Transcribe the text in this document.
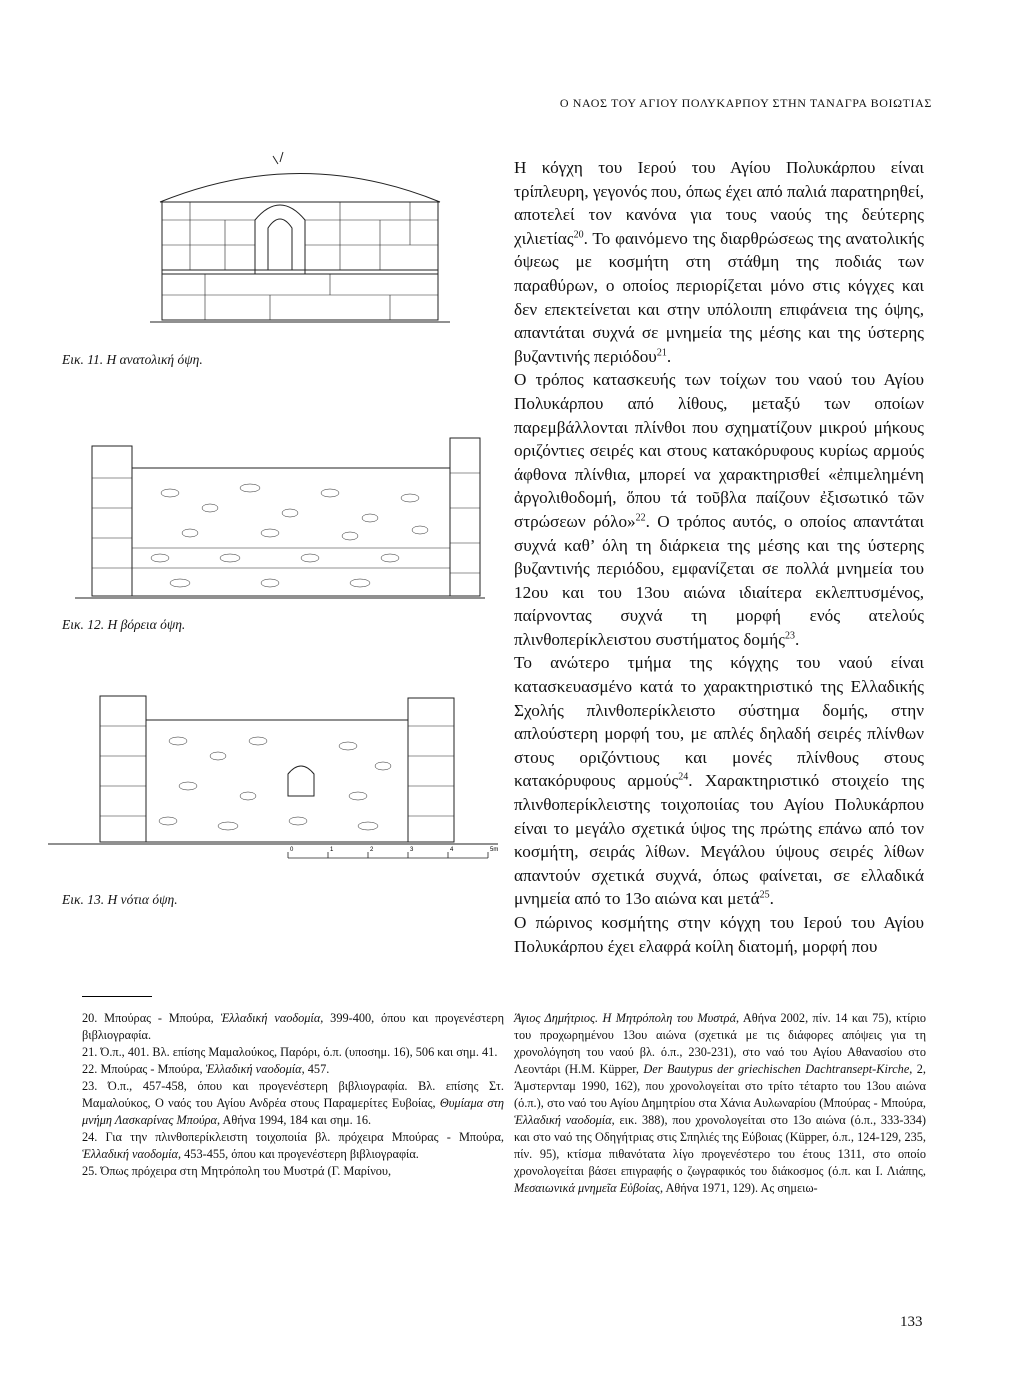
Ο ΝΑΟΣ ΤΟΥ ΑΓΙΟΥ ΠΟΛΥΚΑΡΠΟΥ ΣΤΗΝ ΤΑΝΑΓΡΑ ΒΟΙΩΤΙΑΣ
Εικ. 11. Η ανατολική όψη.
Εικ. 12. Η βόρεια όψη.
0	1	2	3	4	5m
Εικ. 13. Η νότια όψη.

Η κόγχη του Ιερού του Αγίου Πολυκάρπου είναι τρίπλευρη, γεγονός που, όπως έχει από παλιά παρατηρηθεί, αποτελεί τον κανόνα για τους ναούς της δεύτερης χιλιετίας$^{20}$. Το φαινόμενο της διαρθρώσεως της ανατολικής όψεως με κοσμήτη στη στάθμη της ποδιάς των παραθύρων, ο οποίος περιορίζεται μόνο στις κόγχες και δεν επεκτείνεται και στην υπόλοιπη επιφάνεια της όψης, απαντάται συχνά σε μνημεία της μέσης και της ύστερης βυζαντινής περιόδου$^{21}$.

Ο τρόπος κατασκευής των τοίχων του ναού του Αγίου Πολυκάρπου από λίθους, μεταξύ των οποίων παρεμβάλλονται πλίνθοι που σχηματίζουν μικρού μήκους οριζόντιες σειρές και στους κατακόρυφους κυρίως αρμούς άφθονα πλίνθια, μπορεί να χαρακτηρισθεί «ἐπιμελημένη ἀργολιθοδομή, ὅπου τά τοῦβλα παίζουν ἐξισωτικό τῶν στρώσεων ρόλο»$^{22}$. Ο τρόπος αυτός, ο οποίος απαντάται συχνά καθ’ όλη τη διάρκεια της μέσης και της ύστερης βυζαντινής περιόδου, εμφανίζεται σε πολλά μνημεία του 12ου και του 13ου αιώνα ιδιαίτερα εκλεπτυσμένος, παίρνοντας συχνά τη μορφή ενός ατελούς πλινθοπερίκλειστου συστήματος δομής$^{23}$.

Το ανώτερο τμήμα της κόγχης του ναού είναι κατασκευασμένο κατά το χαρακτηριστικό της Ελλαδικής Σχολής πλινθοπερίκλειστο σύστημα δομής, στην απλούστερη μορφή του, με απλές δηλαδή σειρές πλίνθων στους οριζόντιους και μονές πλίνθους στους κατακόρυφους αρμούς$^{24}$. Χαρακτηριστικό στοιχείο της πλινθοπερίκλειστης τοιχοποιίας του Αγίου Πολυκάρπου είναι το μεγάλο σχετικά ύψος της πρώτης επάνω από τον κοσμήτη, σειράς λίθων. Μεγάλου ύψους σειρές λίθων απαντούν σχετικά συχνά, όπως φαίνεται, σε ελλαδικά μνημεία από το 13ο αιώνα και μετά$^{25}$.

Ο πώρινος κοσμήτης στην κόγχη του Ιερού του Αγίου Πολυκάρπου έχει ελαφρά κοίλη διατομή, μορφή που

20. Μπούρας - Μπούρα, Ἑλλαδική ναοδομία, 399-400, όπου και προγενέστερη βιβλιογραφία.

21. Ό.π., 401. Βλ. επίσης Μαμαλούκος, Παρόρι, ό.π. (υποσημ. 16), 506 και σημ. 41.

22. Μπούρας - Μπούρα, Ἑλλαδική ναοδομία, 457.

23. Ό.π., 457-458, όπου και προγενέστερη βιβλιογραφία. Βλ. επίσης Στ. Μαμαλούκος, Ο ναός του Αγίου Ανδρέα στους Παραμερίτες Ευβοίας, Θυμίαμα στη μνήμη Λασκαρίνας Μπούρα, Αθήνα 1994, 184 και σημ. 16.

24. Για την πλινθοπερίκλειστη τοιχοποιία βλ. πρόχειρα Μπούρας - Μπούρα, Ἑλλαδική ναοδομία, 453-455, όπου και προγενέστερη βιβλιογραφία.

25. Όπως πρόχειρα στη Μητρόπολη του Μυστρά (Γ. Μαρίνου,

Άγιος Δημήτριος. Η Μητρόπολη του Μυστρά, Αθήνα 2002, πίν. 14 και 75), κτίριο του προχωρημένου 13ου αιώνα (σχετικά με τις διάφορες απόψεις για τη χρονολόγηση του ναού βλ. ό.π., 230-231), στο ναό του Αγίου Αθανασίου στο Λεοντάρι (Η.Μ. Küpper, Der Bautypus der griechischen Dachtransept-Kirche, 2, Άμστερνταμ 1990, 162), που χρονολογείται στο τρίτο τέταρτο του 13ου αιώνα (ό.π.), στο ναό του Αγίου Δημητρίου στα Χάνια Αυλωναρίου (Μπούρας - Μπούρα, Ἑλλαδική ναοδομία, εικ. 388), που χρονολογείται στο 13ο αιώνα (ό.π., 333-334) και στο ναό της Οδηγήτριας στις Σπηλιές της Εύβοιας (Küpper, ό.π., 124-129, 235, πίν. 95), κτίσμα πιθανότατα λίγο προγενέστερο του έτους 1311, στο οποίο χρονολογείται βάσει επιγραφής ο ζωγραφικός του διάκοσμος (ό.π. και Ι. Λιάπης, Μεσαιωνικά μνημεῖα Εὐβοίας, Αθήνα 1971, 129). Ας σημειω-

133
